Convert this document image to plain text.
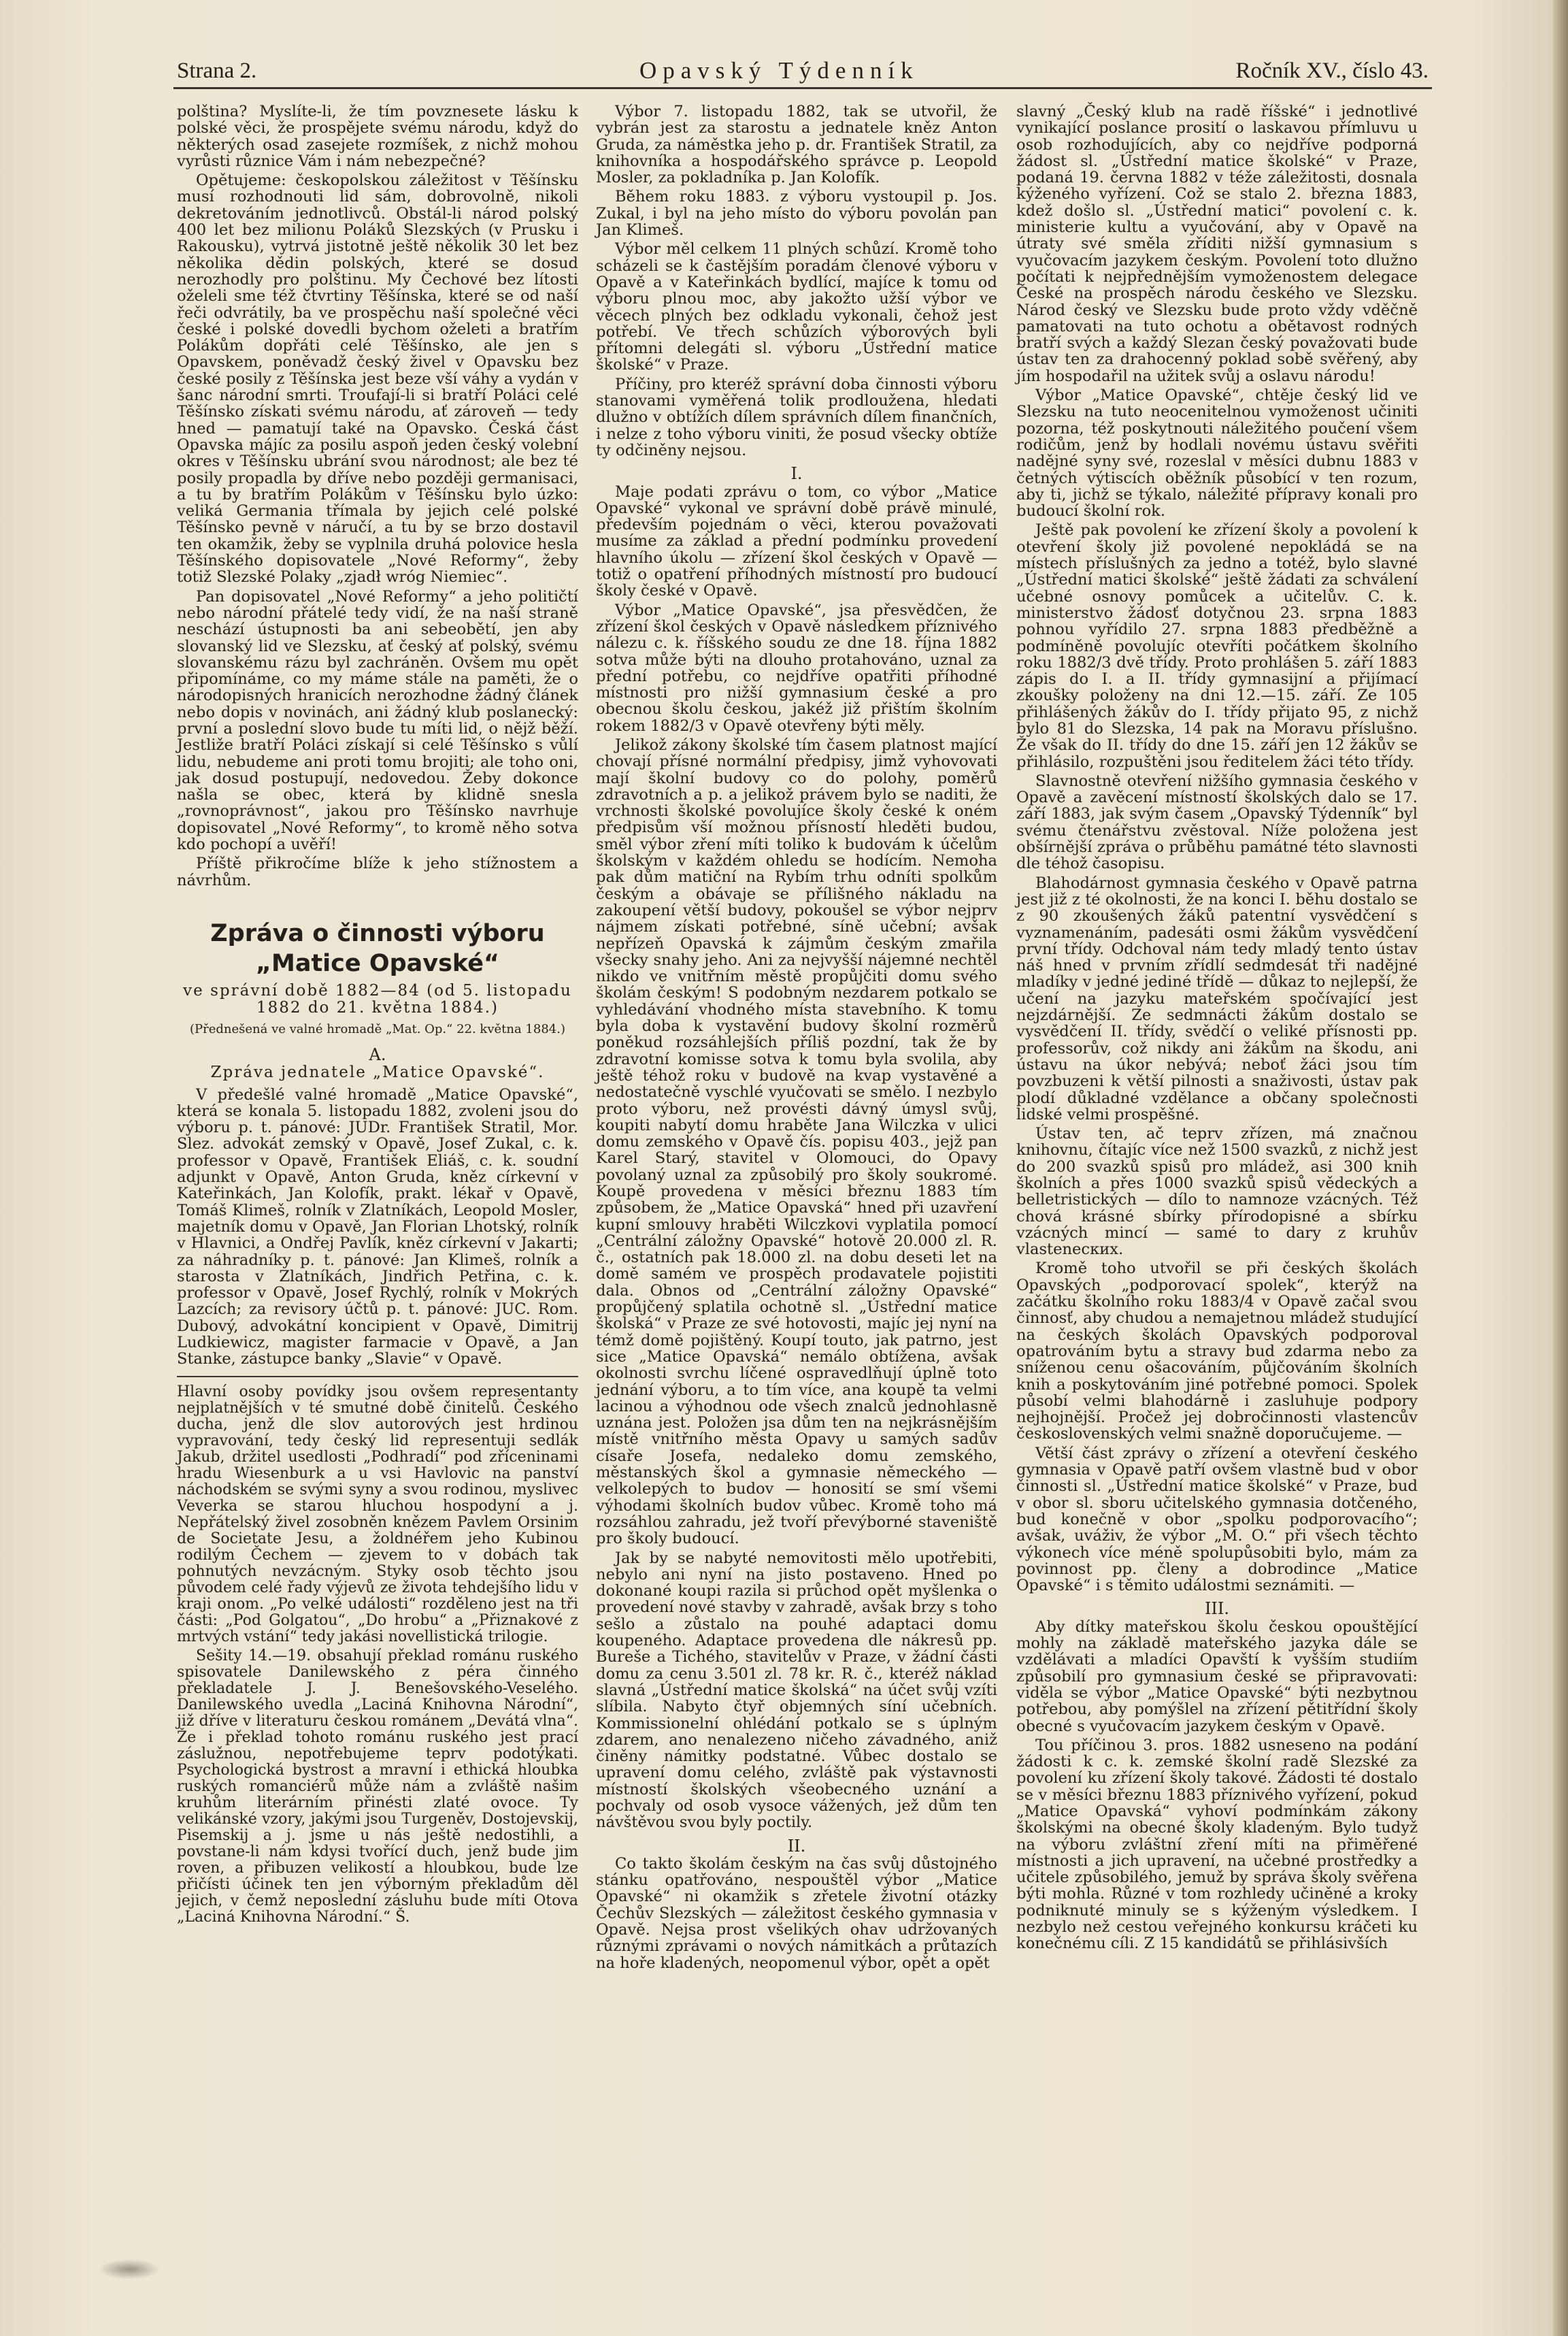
Strana 2.	Opavský Týdenník	Ročník XV., číslo 43.

polština? Myslíte-li, že tím povznesete lásku k polské věci, že prospějete svému národu, když do některých osad zasejete rozmíšek, z nichž mohou vyrůsti různice Vám i nám nebezpečné?

Opětujeme: českopolskou záležitost v Těšínsku musí rozhodnouti lid sám, dobrovolně, nikoli dekretováním jednotlivců. Obstál-li národ polský 400 let bez milionu Poláků Slezských (v Prusku i Rakousku), vytrvá jistotně ještě několik 30 let bez několika dědin polských, které se dosud nerozhodly pro polštinu. My Čechové bez lítosti oželeli sme též čtvrtiny Těšínska, které se od naší řeči odvrátily, ba ve prospěchu naší společné věci české i polské dovedli bychom oželeti a bratřím Polákům dopřáti celé Těšínsko, ale jen s Opavskem, poněvadž český živel v Opavsku bez české posily z Těšínska jest beze vší váhy a vydán v šanc národní smrti. Troufají-li si bratří Poláci celé Těšínsko získati svému národu, ať zároveň — tedy hned — pamatují také na Opavsko. Česká část Opavska májíc za posilu aspoň jeden český volební okres v Těšínsku ubrání svou národnost; ale bez té posily propadla by dříve nebo později germanisaci, a tu by bratřím Polákům v Těšínsku bylo úzko: veliká Germania třímala by jejich celé polské Těšínsko pevně v náručí, a tu by se brzo dostavil ten okamžik, žeby se vyplnila druhá polovice hesla Těšínského dopisovatele „Nové Reformy“, žeby totiž Slezské Polaky „zjadł wróg Niemiec“.

Pan dopisovatel „Nové Reformy“ a jeho političtí nebo národní přátelé tedy vidí, že na naší straně neschází ústupnosti ba ani sebeobětí, jen aby slovanský lid ve Slezsku, ať český ať polský, svému slovanskému rázu byl zachráněn. Ovšem mu opět připomínáme, co my máme stále na paměti, že o národopisných hranicích nerozhodne žádný článek nebo dopis v novinách, ani žádný klub poslanecký: první a poslední slovo bude tu míti lid, o nějž běží. Jestliže bratří Poláci získají si celé Těšínsko s vůlí lidu, nebudeme ani proti tomu brojiti; ale toho oni, jak dosud postupují, nedovedou. Žeby dokonce našla se obec, která by klidně snesla „rovnoprávnost“, jakou pro Těšínsko navrhuje dopisovatel „Nové Reformy“, to kromě něho sotva kdo pochopí a uvěří!

Příště přikročíme blíže k jeho stížnostem a návrhům.

Zpráva o činnosti výboru „Matice Opavské“
ve správní době 1882—84 (od 5. listopadu 1882 do 21. května 1884.)
(Přednešená ve valné hromadě „Mat. Op.“ 22. května 1884.)
A.
Zpráva jednatele „Matice Opavské“.

V předešlé valné hromadě „Matice Opavské“, která se konala 5. listopadu 1882, zvoleni jsou do výboru p. t. pánové: JUDr. František Stratil, Mor. Slez. advokát zemský v Opavě, Josef Zukal, c. k. professor v Opavě, František Eliáš, c. k. soudní adjunkt v Opavě, Anton Gruda, kněz církevní v Kateřinkách, Jan Kolofík, prakt. lékař v Opavě, Tomáš Klimeš, rolník v Zlatníkách, Leopold Mosler, majetník domu v Opavě, Jan Florian Lhotský, rolník v Hlavnici, a Ondřej Pavlík, kněz církevní v Jakarti; za náhradníky p. t. pánové: Jan Klimeš, rolník a starosta v Zlatníkách, Jindřich Petřina, c. k. professor v Opavě, Josef Rychlý, rolník v Mokrých Lazcích; za revisory účtů p. t. pánové: JUC. Rom. Dubový, advokátní koncipient v Opavě, Dimitrij Ludkiewicz, magister farmacie v Opavě, a Jan Stanke, zástupce banky „Slavie“ v Opavě.

Hlavní osoby povídky jsou ovšem representanty nejplatnějších v té smutné době činitelů. Českého ducha, jenž dle slov autorových jest hrdinou vypravování, tedy český lid representuji sedlák Jakub, držitel usedlosti „Podhradí“ pod zříceninami hradu Wiesenburk a u vsi Havlovic na panství náchodském se svými syny a svou rodinou, mysliveс Veverka se starou hluchou hospodyní a j. Nepřátelský živel zosobněn knězem Pavlem Orsinim de Societate Jesu, a žoldnéřem jeho Kubinou rodilým Čechem — zjevem to v dobách tak pohnutých nevzácným. Styky osob těchto jsou původem celé řady výjevů ze života tehdejšího lidu v kraji onom. „Po velké události“ rozděleno jest na tři části: „Pod Golgatou“, „Do hrobu“ a „Přiznakové z mrtvých vstání“ tedy jakási novellistická trilogie.

Sešity 14.—19. obsahují překlad románu ruského spisovatele Danilewského z péra činného překladatele J. J. Benešovského-Veselého. Danilewského uvedla „Laciná Knihovna Národní“, již dříve v literaturu českou románem „Devátá vlna“. Že i překlad tohoto románu ruského jest prací záslužnou, nepotřebujeme teprv podotýkati. Psychologická bystrost a mravní i ethická hloubka ruských romanciérů může nám a zvláště našim kruhům literárním přinésti zlaté ovoce. Ty velikánské vzory, jakými jsou Turgeněv, Dostojevskij, Pisemskij a j. jsme u nás ještě nedostihli, a povstane-li nám kdysi tvořící duch, jenž bude jim roven, a přibuzen velikostí a hloubkou, bude lze přičísti účinek ten jen výborným překladům děl jejich, v čemž neposlední zásluhu bude míti Otova „Laciná Knihovna Národní.“ Š.

Výbor 7. listopadu 1882, tak se utvořil, že vybrán jest za starostu a jednatele kněz Anton Gruda, za náměstka jeho p. dr. František Stratil, za knihovníka a hospodářského správce p. Leopold Mosler, za pokladníka p. Jan Kolofík.

Během roku 1883. z výboru vystoupil p. Jos. Zukal, i byl na jeho místo do výboru povolán pan Jan Klimeš.

Výbor měl celkem 11 plných schůzí. Kromě toho scházeli se k častějším poradám členové výboru v Opavě a v Kateřinkách bydlící, majíce k tomu od výboru plnou moc, aby jakožto užší výbor ve věcech plných bez odkladu vykonali, čehož jest potřebí. Ve třech schůzích výborových byli přítomni delegáti sl. výboru „Ústřední matice školské“ v Praze.

Příčiny, pro kteréž správní doba činnosti výboru stanovami vyměřená tolik prodloužena, hledati dlužno v obtížích dílem správních dílem finančních, i nelze z toho výboru viniti, že posud všecky obtíže ty odčiněny nejsou.

I.

Maje podati zprávu o tom, co výbor „Matice Opavské“ vykonal ve správní době právě minulé, především pojednám o věci, kterou považovati musíme za základ a přední podmínku provedení hlavního úkolu — zřízení škol českých v Opavě — totiž o opatření příhodných místností pro budoucí školy české v Opavě.

Výbor „Matice Opavské“, jsa přesvědčen, že zřízení škol českých v Opavě následkem příznivého nálezu c. k. říšského soudu ze dne 18. října 1882 sotva může býti na dlouho protahováno, uznal za přední potřebu, co nejdříve opatřiti příhodné místnosti pro nižší gymnasium české a pro obecnou školu českou, jakéž již přištím školním rokem 1882/3 v Opavě otevřeny býti měly.

Jelikož zákony školské tím časem platnost mající chovají přísné normální předpisy, jimž vyhovovati mají školní budovy co do polohy, poměrů zdravotních a p. a jelikož právem bylo se naditi, že vrchnosti školské povolujíce školy české k oném předpisům vší možnou přísností hleděti budou, směl výbor zření míti toliko k budovám k účelům školským v každém ohledu se hodícím. Nemoha pak dům matiční na Rybím trhu odníti spolkům českým a obávaje se přílišného nákladu na zakoupení větší budovy, pokoušel se výbor nejprv nájmem získati potřebné, síně učební; avšak nepřízeň Opavská k zájmům českým zmařila všecky snahy jeho. Ani za nejvyšší nájemné nechtěl nikdo ve vnitřním městě propůjčiti domu svého školám českým! S podobným nezdarem potkalo se vyhledávání vhodného místa stavebního. K tomu byla doba k vystavění budovy školní rozměrů poněkud rozsáhlejších příliš pozdní, tak že by zdravotní komisse sotva k tomu byla svolila, aby ještě téhož roku v budově na kvap vystavěné a nedostatečně vyschlé vyučovati se smělo. I nezbylo proto výboru, než provésti dávný úmysl svůj, koupiti nabytí domu hraběte Jana Wilczka v ulici domu zemského v Opavě čís. popisu 403., jejž pan Karel Starý, stavitel v Olomouci, do Opavy povolaný uznal za způsobilý pro školy soukromé. Koupě provedena v měsíci březnu 1883 tím způsobem, že „Matice Opavská“ hned při uzavření kupní smlouvy hraběti Wilczkovi vyplatila pomocí „Centrální záložny Opavské“ hotově 20.000 zl. R. č., ostatních pak 18.000 zl. na dobu deseti let na domě samém ve prospěch prodavatele pojistiti dala. Obnos od „Centrální záložny Opavské“ propůjčený splatila ochotně sl. „Ústřední matice školská“ v Praze ze své hotovosti, majíc jej nyní na témž domě pojištěný. Koupí touto, jak patrno, jest sice „Matice Opavská“ nemálo obtížena, avšak okolnosti svrchu líčené ospravedlňují úplně toto jednání výboru, a to tím více, ana koupě ta velmi lacinou a výhodnou ode všech znalců jednohlasně uznána jest. Položen jsa dům ten na nejkrásnějším místě vnitřního města Opavy u samých sadův císaře Josefa, nedaleko domu zemského, městanských škol a gymnasie německého — velkolepých to budov — honosití se smí všemi výhodami školních budov vůbec. Kromě toho má rozsáhlou zahradu, jež tvoří převýborné staveniště pro školy budoucí.

Jak by se nabyté nemovitosti mělo upotřebiti, nebylo ani nyní na jisto postaveno. Hned po dokonané koupi razila si průchod opět myšlenka o provedení nové stavby v zahradě, avšak brzy s toho sešlo a zůstalo na pouhé adaptaci domu koupeného. Adaptace provedena dle nákresů pp. Bureše a Tichého, stavitelův v Praze, v žádní části domu za cenu 3.501 zl. 78 kr. R. č., kteréž náklad slavná „Ústřední matice školská“ na účet svůj vzíti slíbila. Nabyto čtyř objemných síní učebních. Kommissionelní ohlédání potkalo se s úplným zdarem, ano nenalezeno ničeho závadného, aniž činěny námitky podstatné. Vůbec dostalo se upravení domu celého, zvláště pak výstavnosti místností školských všeobecného uznání a pochvaly od osob vysoce vážených, jež dům ten návštěvou svou byly poctily.

II.

Co takto školám českým na čas svůj důstojného stánku opatřováno, nespouštěl výbor „Matice Opavské“ ni okamžik s zřetele životní otázky Čechův Slezských — záležitost českého gymnasia v Opavě. Nejsa prost všelikých ohav udržovaných různými zprávami o nových námitkách a průtazích na hoře kladených, neopomenul výbor, opět a opět

slavný „Český klub na radě říšské“ i jednotlivé vynikající poslance prosití o laskavou přímluvu u osob rozhodujících, aby co nejdříve podporná žádost sl. „Ústřední matice školské“ v Praze, podaná 19. června 1882 v téže záležitosti, dosnala kýženého vyřízení. Což se stalo 2. března 1883, kdež došlo sl. „Ústřední matici“ povolení c. k. ministerie kultu a vyučování, aby v Opavě na útraty své směla zříditi nižší gymnasium s vyučovacím jazykem českým. Povolení toto dlužno počítati k nejpřednějším vymoženostem delegace České na prospěch národu českého ve Slezsku. Národ český ve Slezsku bude proto vždy vděčně pamatovati na tuto ochotu a obětavost rodných bratří svých a každý Slezan český považovati bude ústav ten za drahocenný poklad sobě svěřený, aby jím hospodařil na užitek svůj a oslavu národu!

Výbor „Matice Opavské“, chtěje český lid ve Slezsku na tuto neocenitelnou vymoženost učiniti pozorna, též poskytnouti náležitého poučení všem rodičům, jenž by hodlali novému ústavu svěřiti nadějné syny své, rozeslal v měsíci dubnu 1883 v četných výtiscích oběžník působící v ten rozum, aby ti, jichž se týkalo, náležité přípravy konali pro budoucí školní rok.

Ještě pak povolení ke zřízení školy a povolení k otevření školy již povolené nepokládá se na místech příslušných za jedno a totéž, bylo slavné „Ústřední matici školské“ ještě žádati za schválení učebné osnovy pomůcek a učitelův. C. k. ministerstvo žádosť dotyčnou 23. srpna 1883 pohnou vyřídilo 27. srpna 1883 předběžně a podmíněně povolujíc otevříti počátkem školního roku 1882/3 dvě třídy. Proto prohlášen 5. září 1883 zápis do I. a II. třídy gymnasijní a přijímací zkoušky položeny na dni 12.—15. září. Ze 105 přihlášených žákův do I. třídy přijato 95, z nichž bylo 81 do Slezska, 14 pak na Moravu příslušno. Že však do II. třídy do dne 15. září jen 12 žákův se přihlásilo, rozpuštěni jsou ředitelem žáci této třídy.

Slavnostně otevření nižšího gymnasia českého v Opavě a zavěcení místností školských dalo se 17. září 1883, jak svým časem „Opavský Týdenník“ byl svému čtenářstvu zvěstoval. Níže položena jest obšírnější zpráva o průběhu památné této slavnosti dle téhož časopisu.

Blahodárnost gymnasia českého v Opavě patrna jest již z té okolnosti, že na konci I. běhu dostalo se z 90 zkoušených žáků patentní vysvědčení s vyznamenáním, padesáti osmi žákům vysvědčení první třídy. Odchoval nám tedy mladý tento ústav náš hned v prvním zřídlí sedmdesát tři nadějné mladíky v jedné jediné třídě — důkaz to nejlepší, že učení na jazyku mateřském spočívající jest nejzdárnější. Ze sedmnácti žákům dostalo se vysvědčení II. třídy, svědčí o veliké přísnosti pp. professorův, což nikdy ani žákům na škodu, ani ústavu na úkor nebývá; neboť žáci jsou tím povzbuzeni k větší pilnosti a snaživosti, ústav pak plodí důkladné vzdělance a občany společnosti lidské velmi prospěšné.

Ústav ten, ač teprv zřízen, má značnou knihovnu, čítajíc více než 1500 svazků, z nichž jest do 200 svazků spisů pro mládež, asi 300 knih školních a přes 1000 svazků spisů vědeckých a belletristických — dílo to namnoze vzácných. Též chová krásné sbírky přírodopisné a sbírku vzácných mincí — samé to dary z kruhův vlastenecких.

Kromě toho utvořil se při českých školách Opavských „podporovací spolek“, kterýž na začátku školního roku 1883/4 v Opavě začal svou činnosť, aby chudou a nemajetnou mládež studující na českých školách Opavských podporoval opatrováním bytu a stravy bud zdarma nebo za sníženou cenu ošacováním, půjčováním školních knih a poskytováním jiné potřebné pomoci. Spolek působí velmi blahodárně i zasluhuje podpory nejhojnější. Pročež jej dobročinnosti vlastencův československých velmi snažně doporučujeme. —

Větší část zprávy o zřízení a otevření českého gymnasia v Opavě patří ovšem vlastně bud v obor činnosti sl. „Ústřední matice školské“ v Praze, bud v obor sl. sboru učitelského gymnasia dotčeného, bud konečně v obor „spolku podporovacího“; avšak, uváživ, že výbor „M. O.“ při všech těchto výkonech více méně spolupůsobiti bylo, mám za povinnost pp. členy a dobrodince „Matice Opavské“ i s těmito událostmi seznámiti. —

III.

Aby dítky mateřskou školu českou opouštějící mohly na základě mateřského jazyka dále se vzdělávati a mladíci Opavští k vyšším studiím způsobilí pro gymnasium české se připravovati: viděla se výbor „Matice Opavské“ býti nezbytnou potřebou, aby pomýšlel na zřízení pětitřídní školy obecné s vyučovacím jazykem českým v Opavě.

Tou příčinou 3. pros. 1882 usneseno na podání žádosti k c. k. zemské školní radě Slezské za povolení ku zřízení školy takové. Žádosti té dostalo se v měsíci březnu 1883 příznivého vyřízení, pokud „Matice Opavská“ vyhoví podmínkám zákony školskými na obecné školy kladeným. Bylo tudyž na výboru zvláštní zření míti na přiměřené místnosti a jich upravení, na učebné prostředky a učitele způsobilého, jemuž by správa školy svěřena býti mohla. Různé v tom rozhledy učiněné a kroky podniknuté minuly se s kýženým výsledkem. I nezbylo než cestou veřejného konkursu kráčeti ku konečnému cíli. Z 15 kandidátů se přihlásivších
